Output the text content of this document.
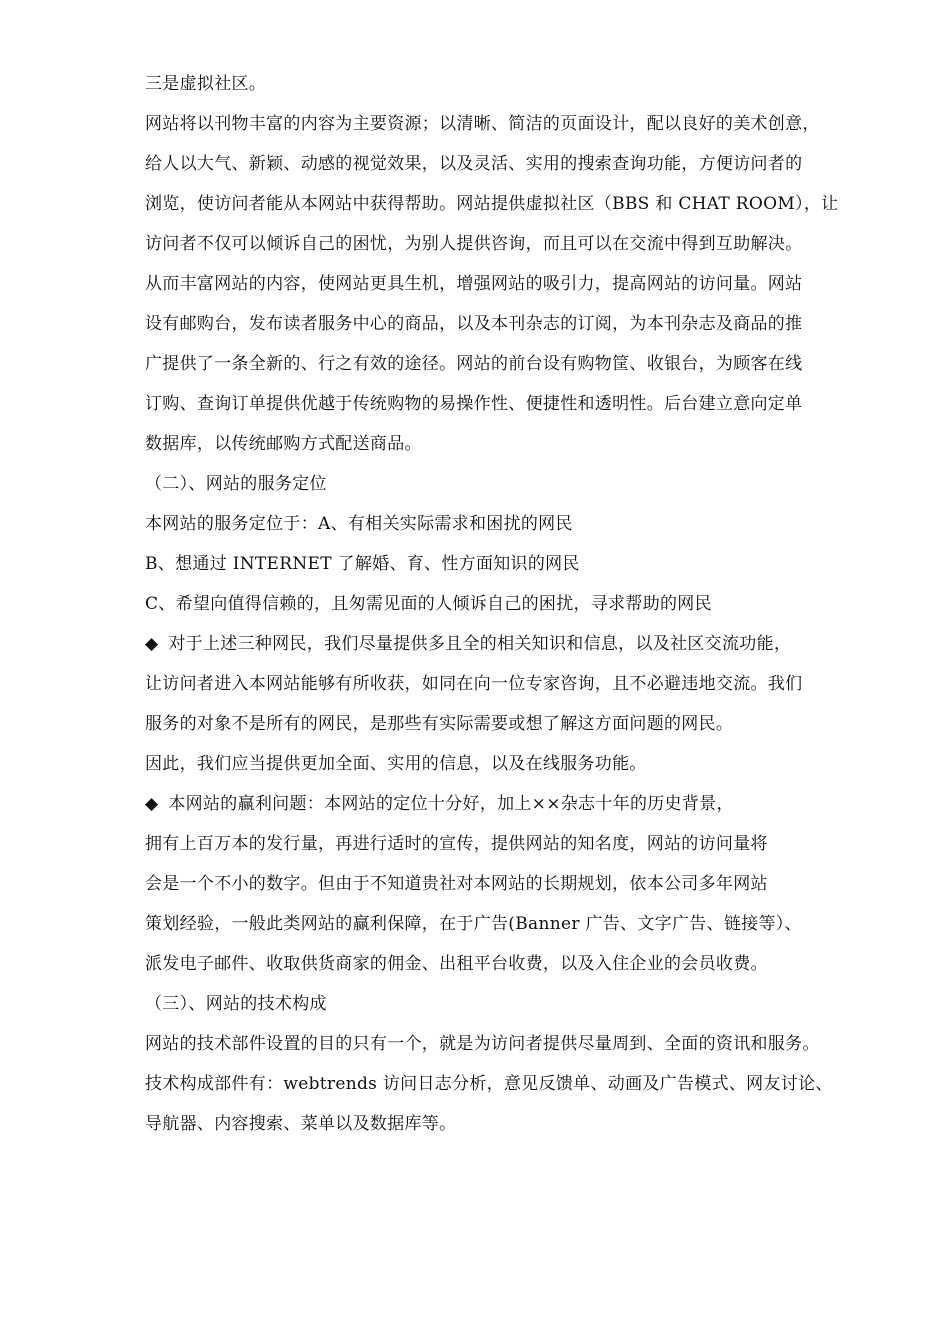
三是虚拟社区。
网站将以刊物丰富的内容为主要资源；以清晰、简洁的页面设计，配以良好的美术创意，
给人以大气、新颖、动感的视觉效果，以及灵活、实用的搜索查询功能，方便访问者的
浏览，使访问者能从本网站中获得帮助。网站提供虚拟社区（BBS 和 CHAT ROOM），让
访问者不仅可以倾诉自己的困忧，为别人提供咨询，而且可以在交流中得到互助解决。
从而丰富网站的内容，使网站更具生机，增强网站的吸引力，提高网站的访问量。网站
设有邮购台，发布读者服务中心的商品，以及本刊杂志的订阅，为本刊杂志及商品的推
广提供了一条全新的、行之有效的途径。网站的前台设有购物筐、收银台，为顾客在线
订购、查询订单提供优越于传统购物的易操作性、便捷性和透明性。后台建立意向定单
数据库，以传统邮购方式配送商品。
（二）、网站的服务定位
本网站的服务定位于：A、有相关实际需求和困扰的网民
B、想通过 INTERNET 了解婚、育、性方面知识的网民
C、希望向值得信赖的，且匆需见面的人倾诉自己的困扰，寻求帮助的网民
◆ 对于上述三种网民，我们尽量提供多且全的相关知识和信息，以及社区交流功能，
让访问者进入本网站能够有所收获，如同在向一位专家咨询，且不必避违地交流。我们
服务的对象不是所有的网民，是那些有实际需要或想了解这方面问题的网民。
因此，我们应当提供更加全面、实用的信息，以及在线服务功能。
◆ 本网站的赢利问题：本网站的定位十分好，加上××杂志十年的历史背景，
拥有上百万本的发行量，再进行适时的宣传，提供网站的知名度，网站的访问量将
会是一个不小的数字。但由于不知道贵社对本网站的长期规划，依本公司多年网站
策划经验，一般此类网站的赢利保障，在于广告(Banner 广告、文字广告、链接等）、
派发电子邮件、收取供货商家的佣金、出租平台收费，以及入住企业的会员收费。
（三）、网站的技术构成
网站的技术部件设置的目的只有一个，就是为访问者提供尽量周到、全面的资讯和服务。
技术构成部件有：webtrends 访问日志分析，意见反馈单、动画及广告模式、网友讨论、
导航器、内容搜索、菜单以及数据库等。
